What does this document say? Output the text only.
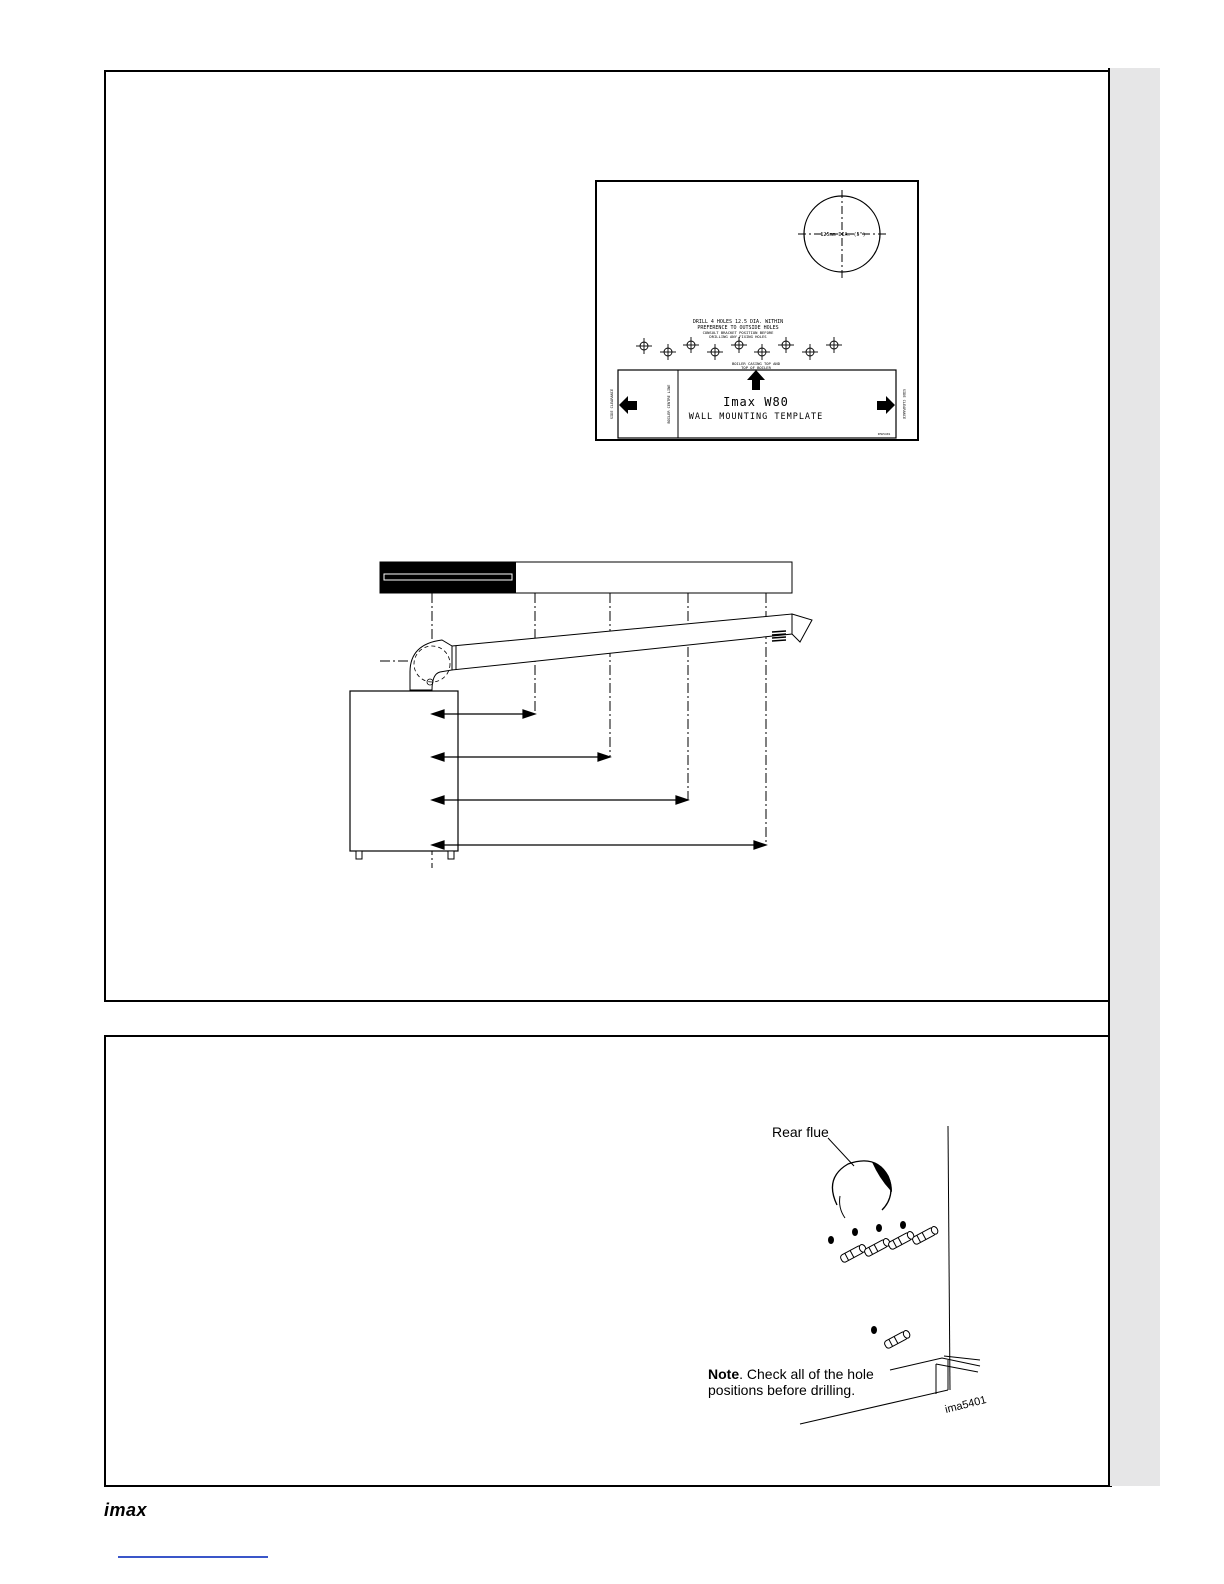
125mm DIA. (5")
DRILL 4 HOLES 12.5 DIA. WITHIN
PREFERENCE TO OUTSIDE HOLES
CONSULT BRACKET POSITION BEFORE
DRILLING ANY FIXING HOLES
BOILER CASING TOP AND
TOP OF BOILER
SIDE CLEARANCE	SIDE CLEARANCE
BOILER CENTRE LINE	Imax W80
WALL MOUNTING TEMPLATE
IMA5401
Rear flue
Note. Check all of the hole
positions before drilling.
ima5401
imax
